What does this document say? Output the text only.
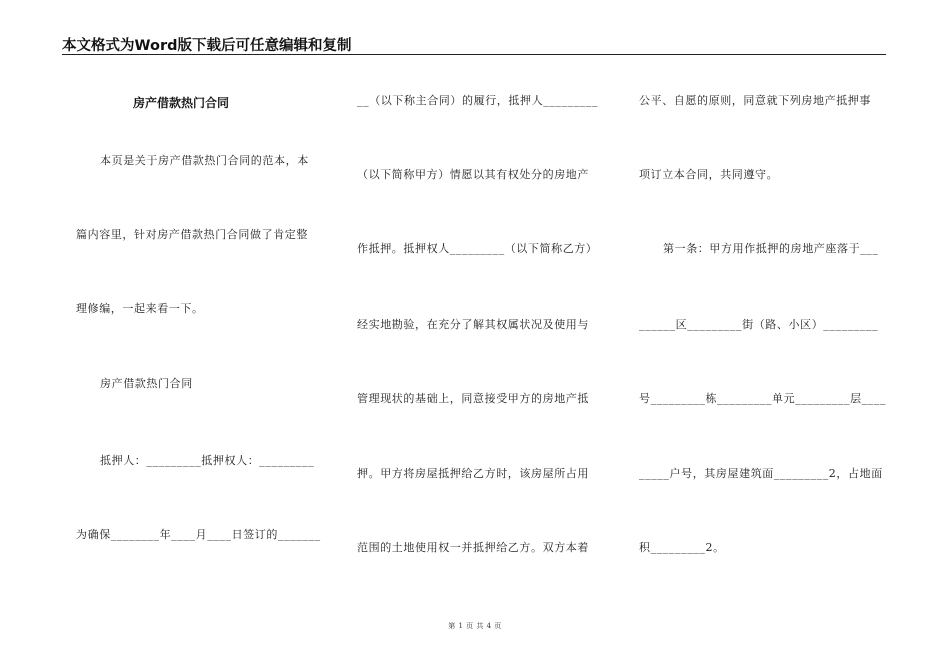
本文格式为Word版下载后可任意编辑和复制
房产借款热门合同
本页是关于房产借款热门合同的范本，本
篇内容里，针对房产借款热门合同做了肯定整
理修编，一起来看一下。
房产借款热门合同
抵押人：_________抵押权人：_________
为确保________年____月____日签订的_______
__（以下称主合同）的履行，抵押人_________
（以下简称甲方）情愿以其有权处分的房地产
作抵押。抵押权人_________（以下简称乙方）
经实地勘验，在充分了解其权属状况及使用与
管理现状的基础上，同意接受甲方的房地产抵
押。甲方将房屋抵押给乙方时，该房屋所占用
范围的土地使用权一并抵押给乙方。双方本着
公平、自愿的原则，同意就下列房地产抵押事
项订立本合同，共同遵守。
第一条：甲方用作抵押的房地产座落于___
______区_________街（路、小区）_________
号_________栋_________单元_________层____
_____户号，其房屋建筑面_________2，占地面
积_________2。
第 1 页 共 4 页
